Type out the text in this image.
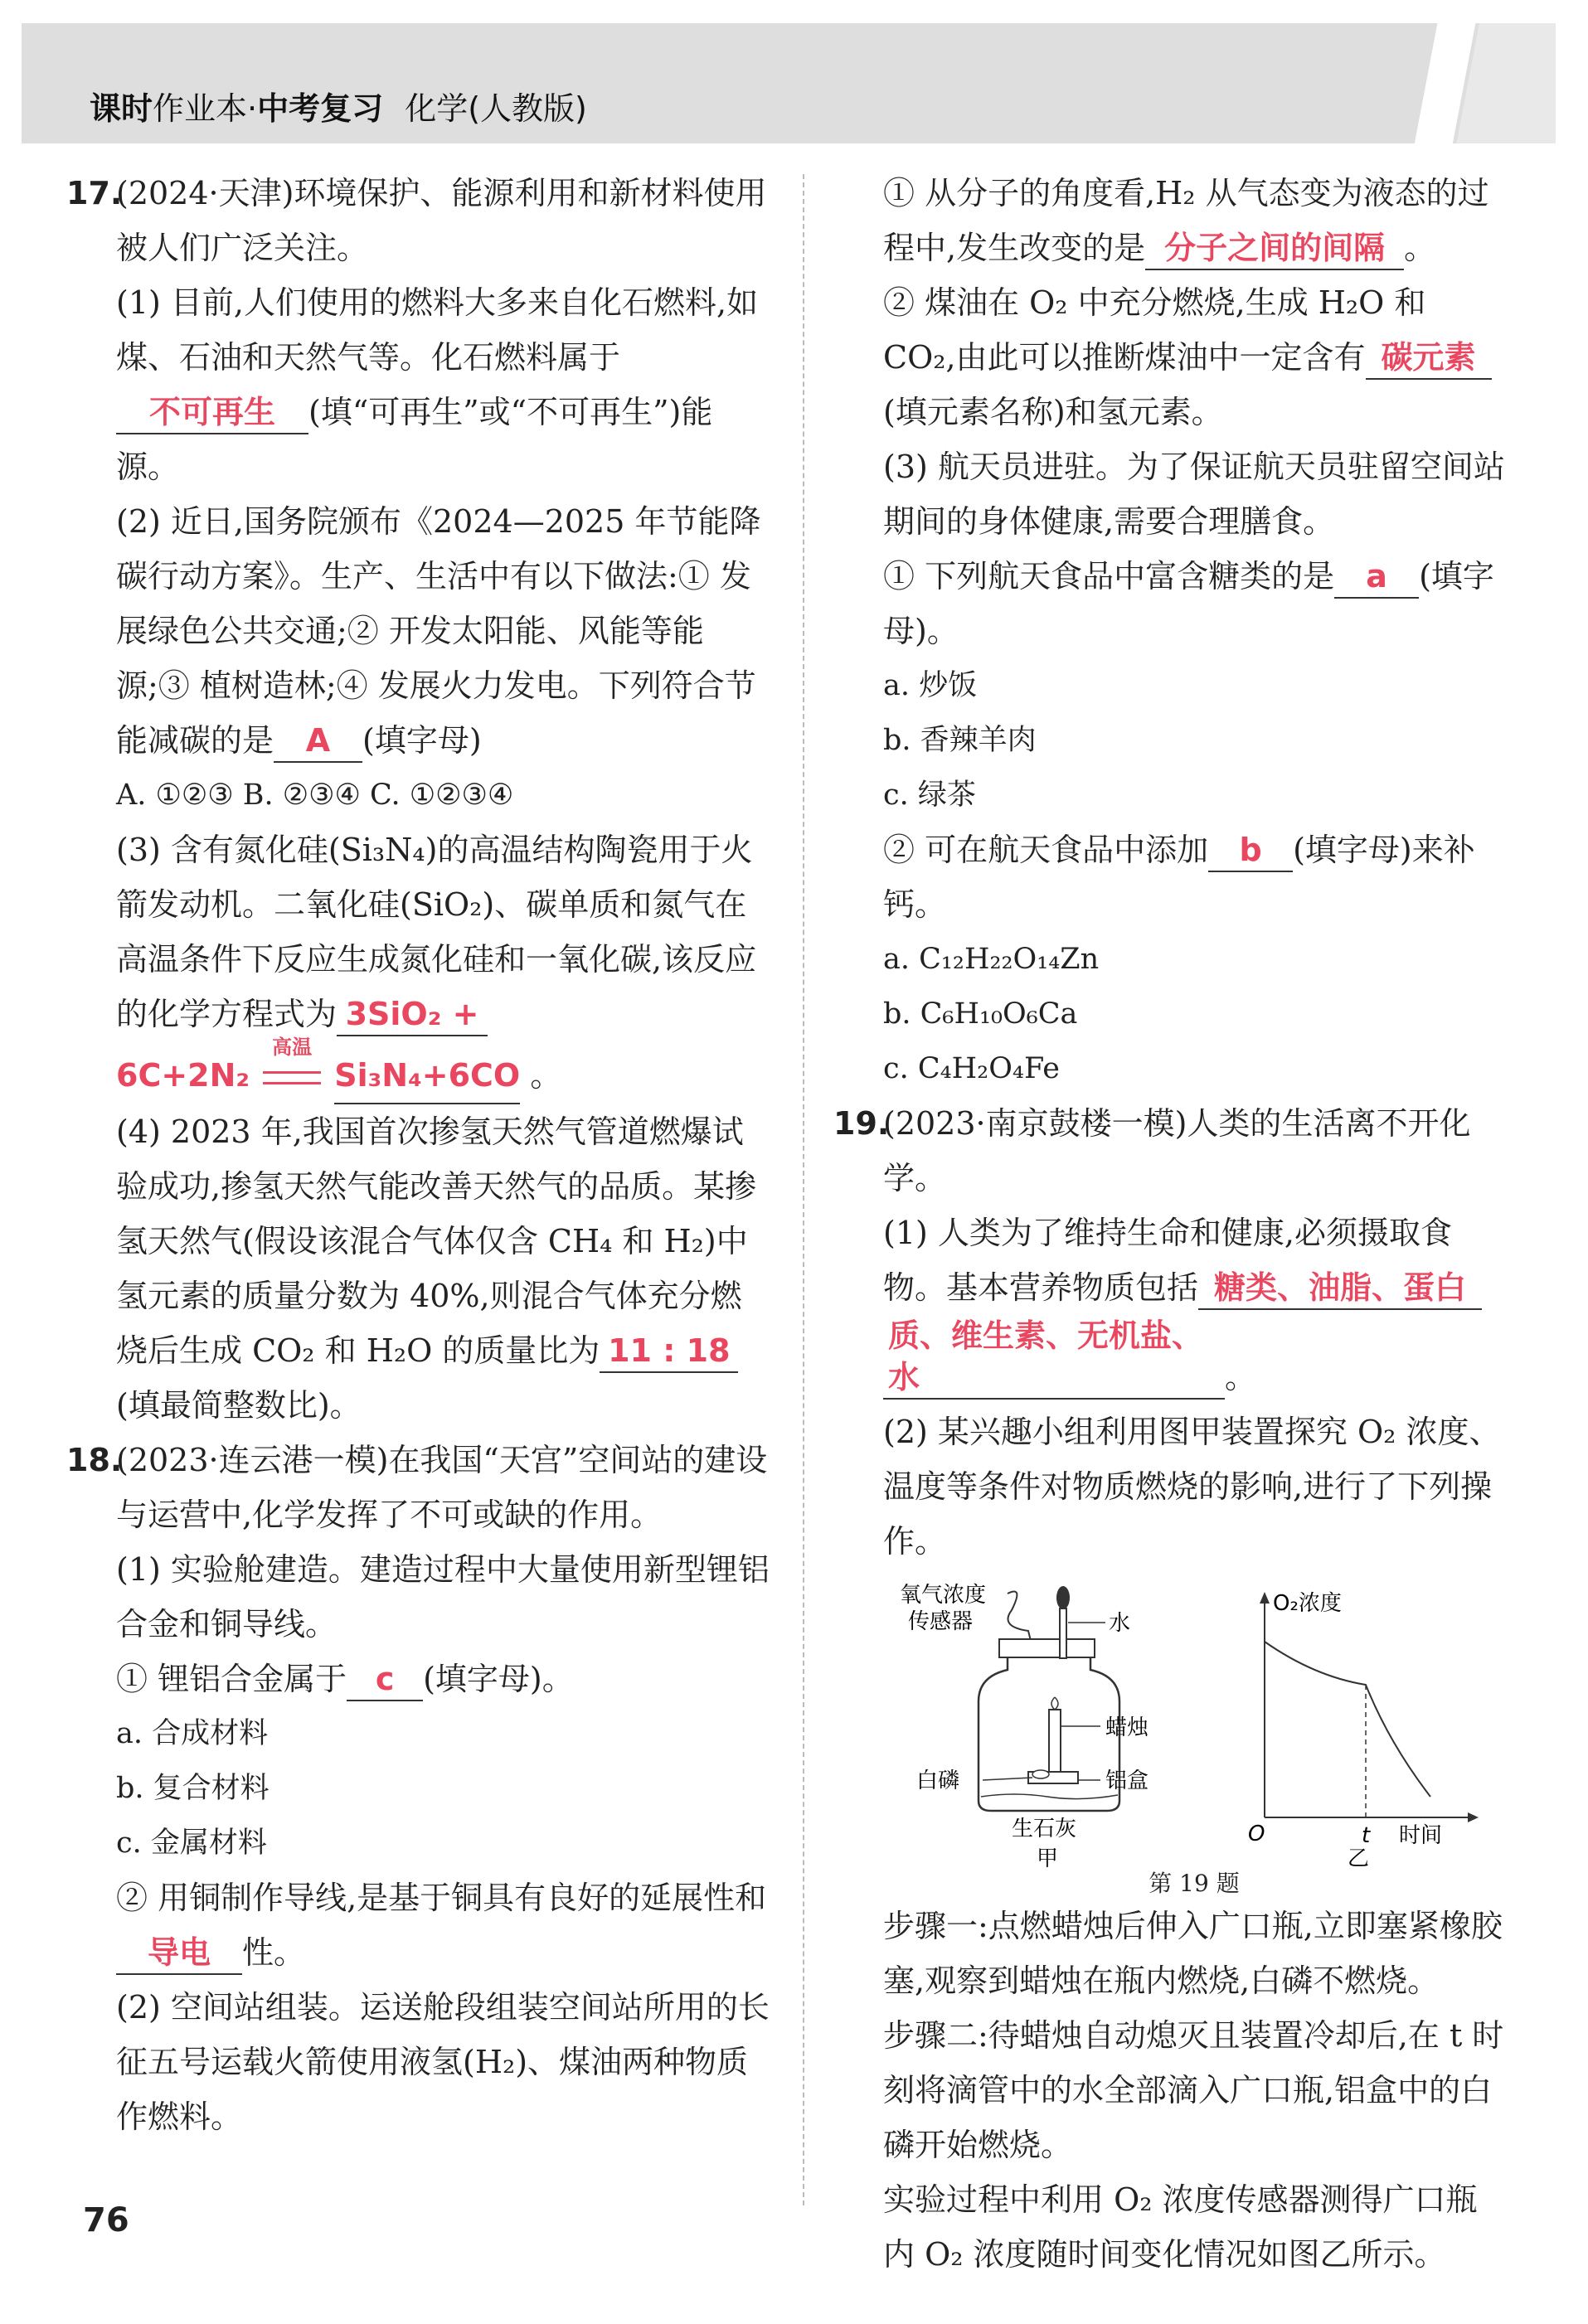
课时作业本·中考复习 化学(人教版)

17.(2024·天津)环境保护、能源利用和新材料使用被人们广泛关注。

(1) 目前,人们使用的燃料大多来自化石燃料,如煤、石油和天然气等。化石燃料属于
不可再生 (填“可再生”或“不可再生”)能源。

(2) 近日,国务院颁布《2024—2025 年节能降碳行动方案》。生产、生活中有以下做法:① 发展绿色公共交通;② 开发太阳能、风能等能源;③ 植树造林;④ 发展火力发电。下列符合节能减碳的是 A (填字母)

A. ①②③ B. ②③④ C. ①②③④

(3) 含有氮化硅(Si₃N₄)的高温结构陶瓷用于火箭发动机。二氧化硅(SiO₂)、碳单质和氮气在高温条件下反应生成氮化硅和一氧化碳,该反应的化学方程式为 3SiO₂ +

6C+2N₂
高温
Si₃N₄+6CO 。

(4) 2023 年,我国首次掺氢天然气管道燃爆试验成功,掺氢天然气能改善天然气的品质。某掺氢天然气(假设该混合气体仅含 CH₄ 和 H₂)中氢元素的质量分数为 40%,则混合气体充分燃烧后生成 CO₂ 和 H₂O 的质量比为 11 : 18(填最简整数比)。

18.(2023·连云港一模)在我国“天宫”空间站的建设与运营中,化学发挥了不可或缺的作用。

(1) 实验舱建造。建造过程中大量使用新型锂铝合金和铜导线。

① 锂铝合金属于 c (填字母)。

a. 合成材料

b. 复合材料

c. 金属材料

② 用铜制作导线,是基于铜具有良好的延展性和导电 性。

(2) 空间站组装。运送舱段组装空间站所用的长征五号运载火箭使用液氢(H₂)、煤油两种物质作燃料。

① 从分子的角度看,H₂ 从气态变为液态的过程中,发生改变的是 分子之间的间隔 。

② 煤油在 O₂ 中充分燃烧,生成 H₂O 和 CO₂,由此可以推断煤油中一定含有 碳元素(填元素名称)和氢元素。

(3) 航天员进驻。为了保证航天员驻留空间站期间的身体健康,需要合理膳食。

① 下列航天食品中富含糖类的是 a (填字母)。

a. 炒饭

b. 香辣羊肉

c. 绿茶

② 可在航天食品中添加 b (填字母)来补钙。

a. C₁₂H₂₂O₁₄Zn

b. C₆H₁₀O₆Ca

c. C₄H₂O₄Fe

19.(2023·南京鼓楼一模)人类的生活离不开化学。

(1) 人类为了维持生命和健康,必须摄取食物。基本营养物质包括 糖类、油脂、蛋白
质、维生素、无机盐、水	。

(2) 某兴趣小组利用图甲装置探究 O₂ 浓度、温度等条件对物质燃烧的影响,进行了下列操作。

氧气浓度
传感器	水
蜡烛
铝盒
白磷
生石灰
甲
O₂浓度
O	t 时间
乙

第 19 题

步骤一:点燃蜡烛后伸入广口瓶,立即塞紧橡胶塞,观察到蜡烛在瓶内燃烧,白磷不燃烧。

步骤二:待蜡烛自动熄灭且装置冷却后,在 t 时刻将滴管中的水全部滴入广口瓶,铝盒中的白磷开始燃烧。

实验过程中利用 O₂ 浓度传感器测得广口瓶内 O₂ 浓度随时间变化情况如图乙所示。

76
